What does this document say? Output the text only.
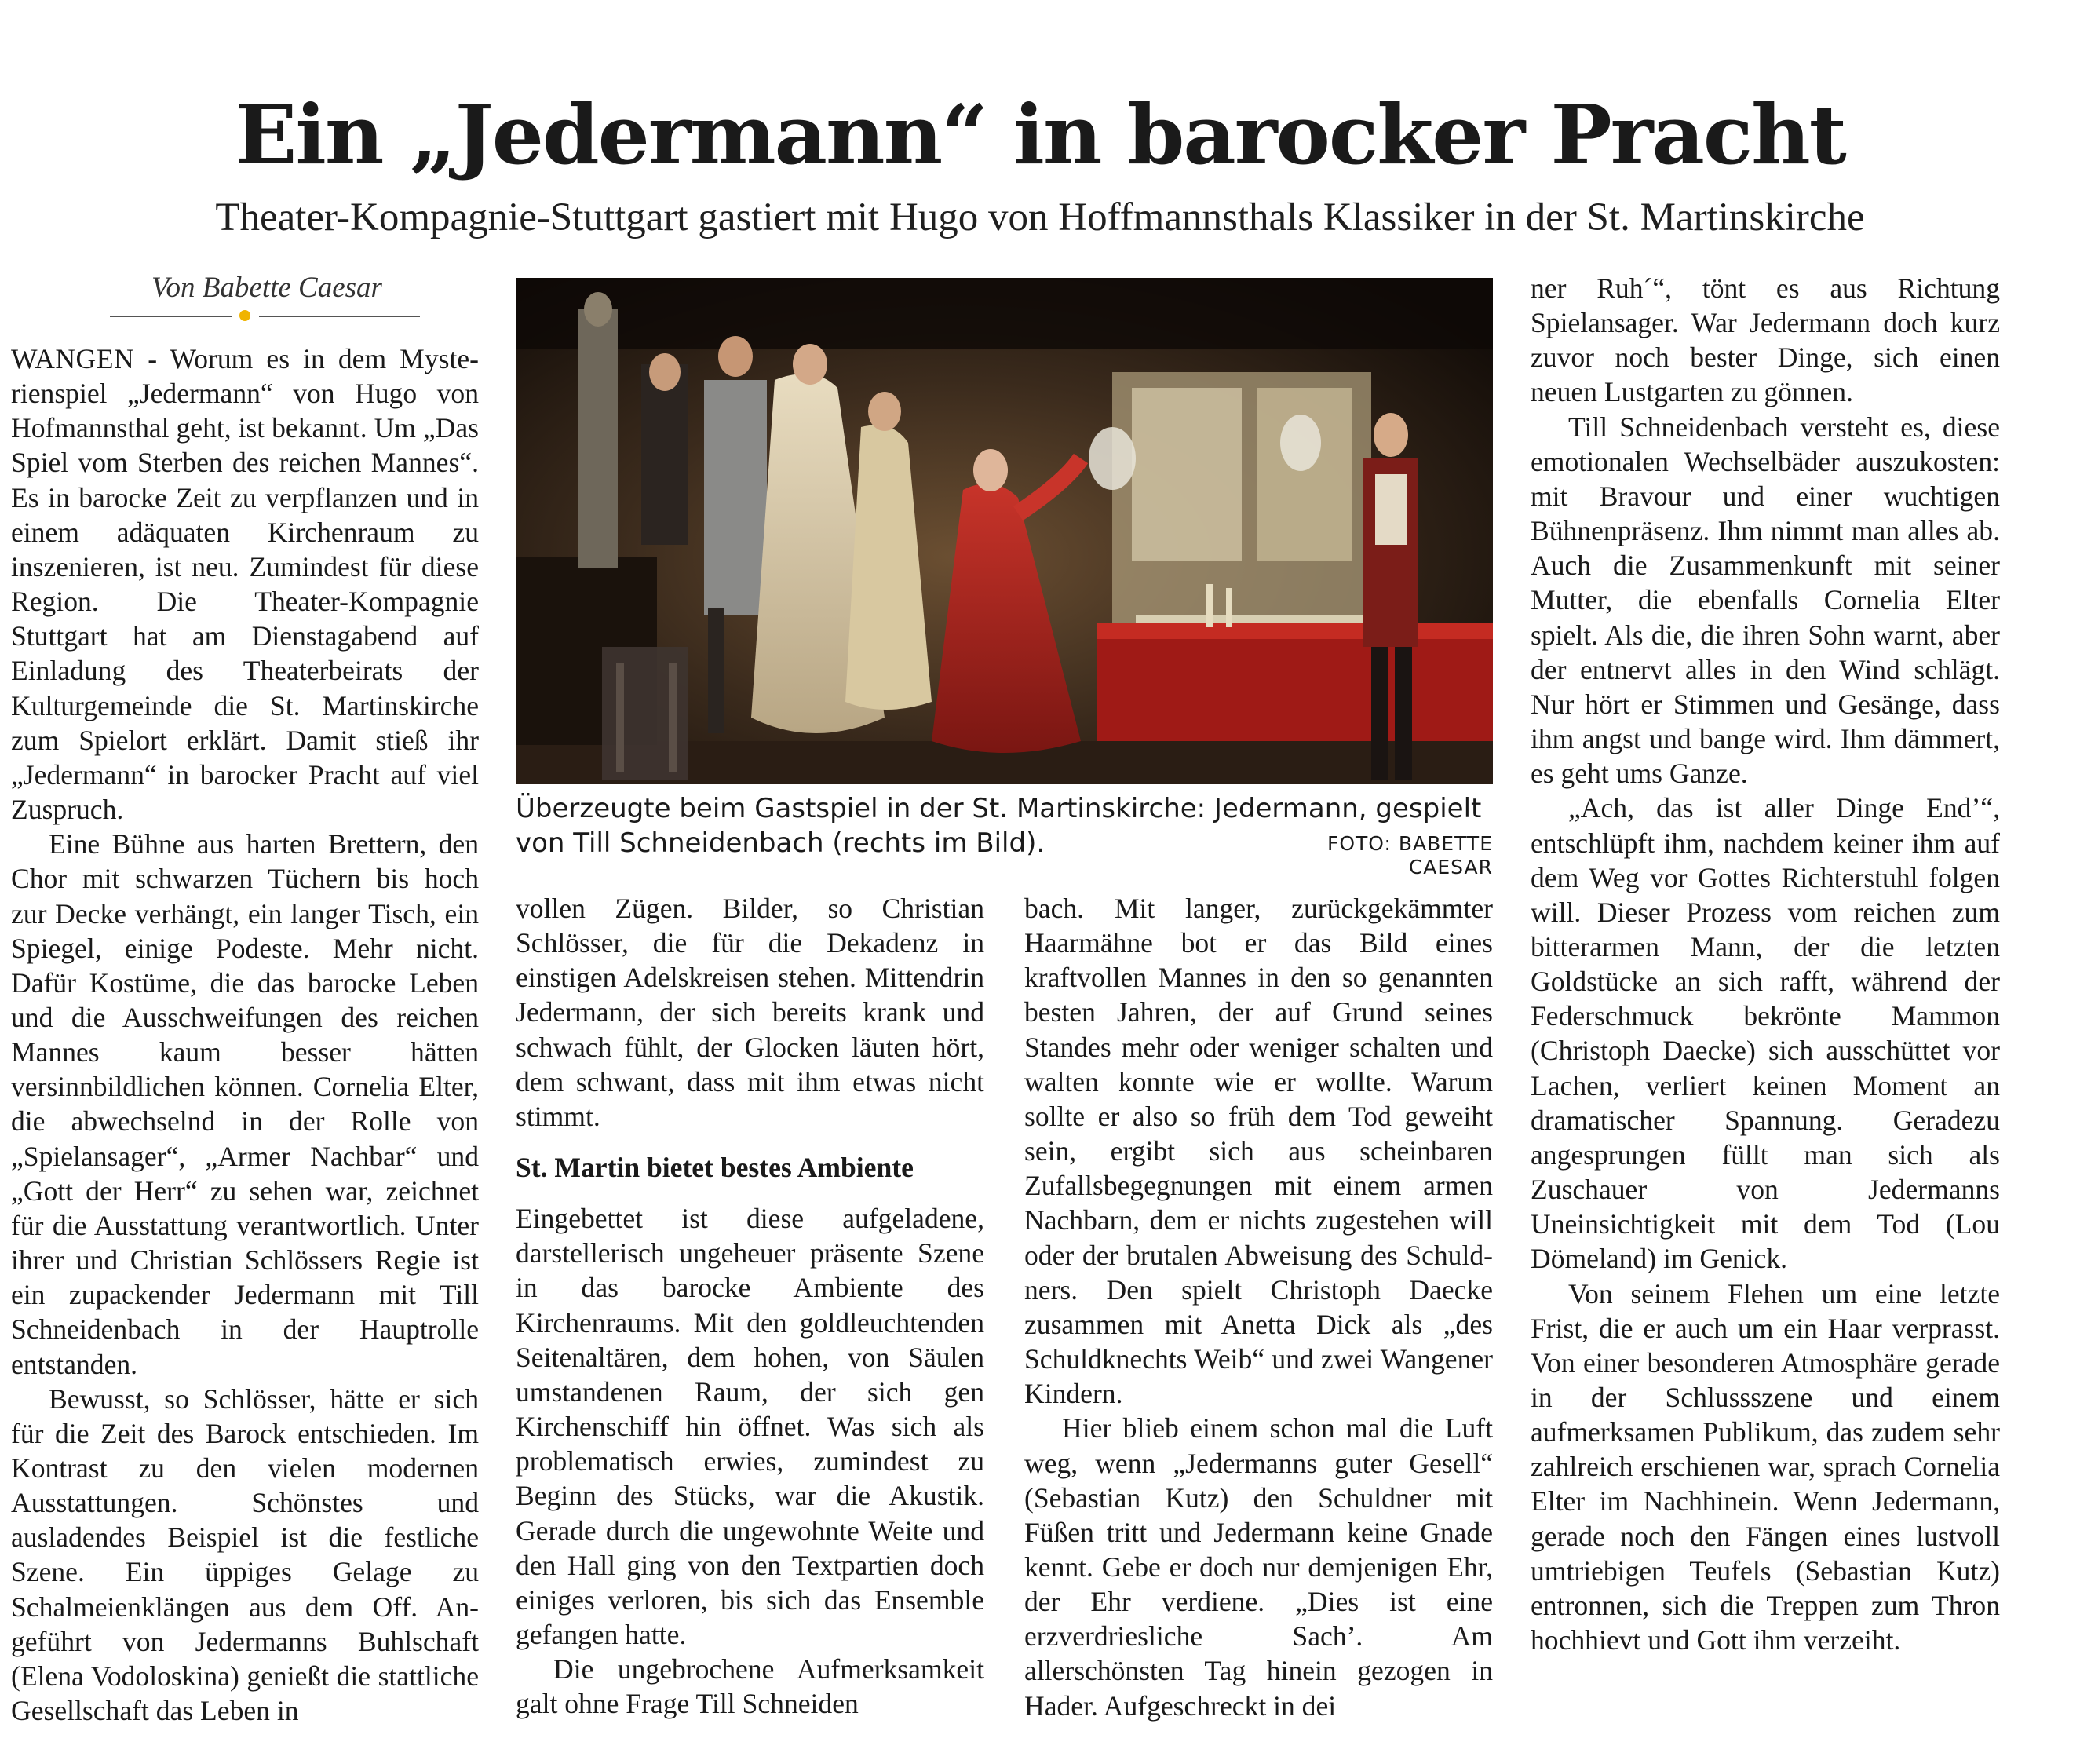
Ein „Jedermann“ in barocker Pracht
Theater-Kompagnie-Stuttgart gastiert mit Hugo von Hoffmannsthals Klassiker in der St. Martinskirche
Von Babette Caesar

WANGEN - Worum es in dem Mysterienspiel „Jedermann“ von Hugo von Hofmannsthal geht, ist bekannt. Um „Das Spiel vom Sterben des reichen Mannes“. Es in barocke Zeit zu verpflanzen und in einem adäquaten Kirchenraum zu inszenieren, ist neu. Zumindest für diese Region. Die Theater-Kompagnie Stuttgart hat am Dienstagabend auf Einladung des Theaterbeirats der Kulturgemeinde die St. Martinskirche zum Spielort erklärt. Damit stieß ihr „Jedermann“ in barocker Pracht auf viel Zuspruch.

Eine Bühne aus harten Brettern, den Chor mit schwarzen Tüchern bis hoch zur Decke verhängt, ein langer Tisch, ein Spiegel, einige Podeste. Mehr nicht. Dafür Kostüme, die das barocke Leben und die Ausschweifungen des reichen Mannes kaum besser hätten versinnbildlichen können. Cornelia Elter, die abwechselnd in der Rolle von „Spielansager“, „Armer Nachbar“ und „Gott der Herr“ zu sehen war, zeichnet für die Ausstattung verantwortlich. Unter ihrer und Christian Schlössers Regie ist ein zupackender Jedermann mit Till Schneidenbach in der Hauptrolle entstanden.

Bewusst, so Schlösser, hätte er sich für die Zeit des Barock entschieden. Im Kontrast zu den vielen modernen Ausstattungen. Schönstes und ausladendes Beispiel ist die festliche Szene. Ein üppiges Gelage zu Schalmeienklängen aus dem Off. Angeführt von Jedermanns Buhlschaft (Elena Vodoloskina) genießt die stattliche Gesellschaft das Leben in

Überzeugte beim Gastspiel in der St. Martinskirche: Jedermann, gespielt von Till Schneidenbach (rechts im Bild).	FOTO: BABETTE CAESAR

vollen Zügen. Bilder, so Christian Schlösser, die für die Dekadenz in einstigen Adelskreisen stehen. Mittendrin Jedermann, der sich bereits krank und schwach fühlt, der Glocken läuten hört, dem schwant, dass mit ihm etwas nicht stimmt.

St. Martin bietet bestes Ambiente

Eingebettet ist diese aufgeladene, darstellerisch ungeheuer präsente Szene in das barocke Ambiente des Kirchenraums. Mit den goldleuchtenden Seitenaltären, dem hohen, von Säulen umstandenen Raum, der sich gen Kirchenschiff hin öffnet. Was sich als problematisch erwies, zumindest zu Beginn des Stücks, war die Akustik. Gerade durch die ungewohnte Weite und den Hall ging von den Textpartien doch einiges verloren, bis sich das Ensemble gefangen hatte.

Die ungebrochene Aufmerksamkeit galt ohne Frage Till Schneiden

bach. Mit langer, zurückgekämmter Haarmähne bot er das Bild eines kraftvollen Mannes in den so genannten besten Jahren, der auf Grund seines Standes mehr oder weniger schalten und walten konnte wie er wollte. Warum sollte er also so früh dem Tod geweiht sein, ergibt sich aus scheinbaren Zufallsbegegnungen mit einem armen Nachbarn, dem er nichts zugestehen will oder der brutalen Abweisung des Schuldners. Den spielt Christoph Daecke zusammen mit Anetta Dick als „des Schuldknechts Weib“ und zwei Wangener Kindern.

Hier blieb einem schon mal die Luft weg, wenn „Jedermanns guter Gesell“ (Sebastian Kutz) den Schuldner mit Füßen tritt und Jedermann keine Gnade kennt. Gebe er doch nur demjenigen Ehr, der Ehr verdiene. „Dies ist eine erzverdriesliche Sach’. Am allerschönsten Tag hinein gezogen in Hader. Aufgeschreckt in dei

ner Ruh´“, tönt es aus Richtung Spielansager. War Jedermann doch kurz zuvor noch bester Dinge, sich einen neuen Lustgarten zu gönnen.

Till Schneidenbach versteht es, diese emotionalen Wechselbäder auszukosten: mit Bravour und einer wuchtigen Bühnenpräsenz. Ihm nimmt man alles ab. Auch die Zusammenkunft mit seiner Mutter, die ebenfalls Cornelia Elter spielt. Als die, die ihren Sohn warnt, aber der entnervt alles in den Wind schlägt. Nur hört er Stimmen und Gesänge, dass ihm angst und bange wird. Ihm dämmert, es geht ums Ganze.

„Ach, das ist aller Dinge End’“, entschlüpft ihm, nachdem keiner ihm auf dem Weg vor Gottes Richterstuhl folgen will. Dieser Prozess vom reichen zum bitterarmen Mann, der die letzten Goldstücke an sich rafft, während der Federschmuck bekrönte Mammon (Christoph Daecke) sich ausschüttet vor Lachen, verliert keinen Moment an dramatischer Spannung. Geradezu angesprungen füllt man sich als Zuschauer von Jedermanns Uneinsichtigkeit mit dem Tod (Lou Dömeland) im Genick.

Von seinem Flehen um eine letzte Frist, die er auch um ein Haar verprasst. Von einer besonderen Atmosphäre gerade in der Schlussszene und einem aufmerksamen Publikum, das zudem sehr zahlreich erschienen war, sprach Cornelia Elter im Nachhinein. Wenn Jedermann, gerade noch den Fängen eines lustvoll umtriebigen Teufels (Sebastian Kutz) entronnen, sich die Treppen zum Thron hochhievt und Gott ihm verzeiht.
